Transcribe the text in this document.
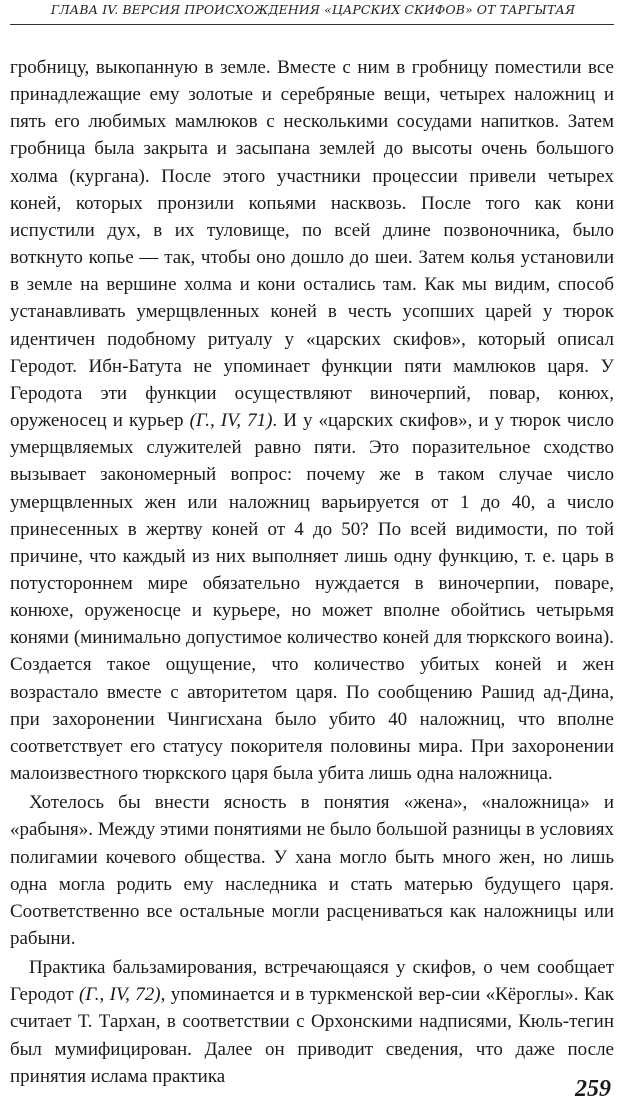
ГЛАВА IV. ВЕРСИЯ ПРОИСХОЖДЕНИЯ «ЦАРСКИХ СКИФОВ» ОТ ТАРГЫТАЯ

гробницу, выкопанную в земле. Вместе с ним в гробницу поместили все принадлежащие ему золотые и серебряные вещи, четырех наложниц и пять его любимых мамлюков с несколькими сосудами напитков. Затем гробница была закрыта и засыпана землей до высоты очень большого холма (кургана). После этого участники процессии привели четырех коней, которых пронзили копьями насквозь. После того как кони испустили дух, в их туловище, по всей длине позвоночника, было воткнуто копье — так, чтобы оно дошло до шеи. Затем колья установили в земле на вершине холма и кони остались там. Как мы видим, способ устанавливать умерщвленных коней в честь усопших царей у тюрок идентичен подобному ритуалу у «царских скифов», который описал Геродот. Ибн-Батута не упоминает функции пяти мамлюков царя. У Геродота эти функции осуществляют виночерпий, повар, конюх, оруженосец и курьер (Г., IV, 71). И у «царских скифов», и у тюрок число умерщвляемых служителей равно пяти. Это поразительное сходство вызывает закономерный вопрос: почему же в таком случае число умерщвленных жен или наложниц варьируется от 1 до 40, а число принесенных в жертву коней от 4 до 50? По всей видимости, по той причине, что каждый из них выполняет лишь одну функцию, т. е. царь в потустороннем мире обязательно нуждается в виночерпии, поваре, конюхе, оруженосце и курьере, но может вполне обойтись четырьмя конями (минимально допустимое количество коней для тюркского воина). Создается такое ощущение, что количество убитых коней и жен возрастало вместе с авторитетом царя. По сообщению Рашид ад-Дина, при захоронении Чингисхана было убито 40 наложниц, что вполне соответствует его статусу покорителя половины мира. При захоронении малоизвестного тюркского царя была убита лишь одна наложница.

Хотелось бы внести ясность в понятия «жена», «наложница» и «рабыня». Между этими понятиями не было большой разницы в условиях полигамии кочевого общества. У хана могло быть много жен, но лишь одна могла родить ему наследника и стать матерью будущего царя. Соответственно все остальные могли расцениваться как наложницы или рабыни.

Практика бальзамирования, встречающаяся у скифов, о чем сообщает Геродот (Г., IV, 72), упоминается и в туркменской вер-сии «Кёроглы». Как считает Т. Тархан, в соответствии с Орхонскими надписями, Кюль-тегин был мумифицирован. Далее он приводит сведения, что даже после принятия ислама практика	259
